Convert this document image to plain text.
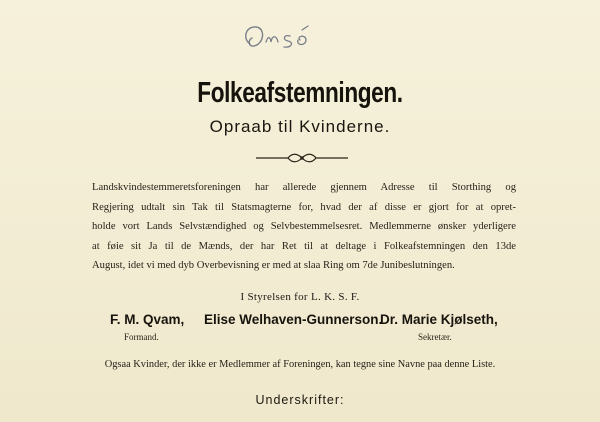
Folkeafstemningen.
Opraab til Kvinderne.
Landskvindestemmeretsforeningen har allerede gjennem Adresse til Storthing og
Regjering udtalt sin Tak til Statsmagterne for, hvad der af disse er gjort for at opret-
holde vort Lands Selvstændighed og Selvbestemmelsesret. Medlemmerne ønsker yderligere
at føie sit Ja til de Mænds, der har Ret til at deltage i Folkeafstemningen den 13de
August, idet vi med dyb Overbevisning er med at slaa Ring om 7de Junibeslutningen.
I Styrelsen for L. K. S. F.
F. M. Qvam,
Formand.
Elise Welhaven-Gunnerson.
Dr. Marie Kjølseth,
Sekretær.
Ogsaa Kvinder, der ikke er Medlemmer af Foreningen, kan tegne sine Navne paa denne Liste.
Underskrifter:
